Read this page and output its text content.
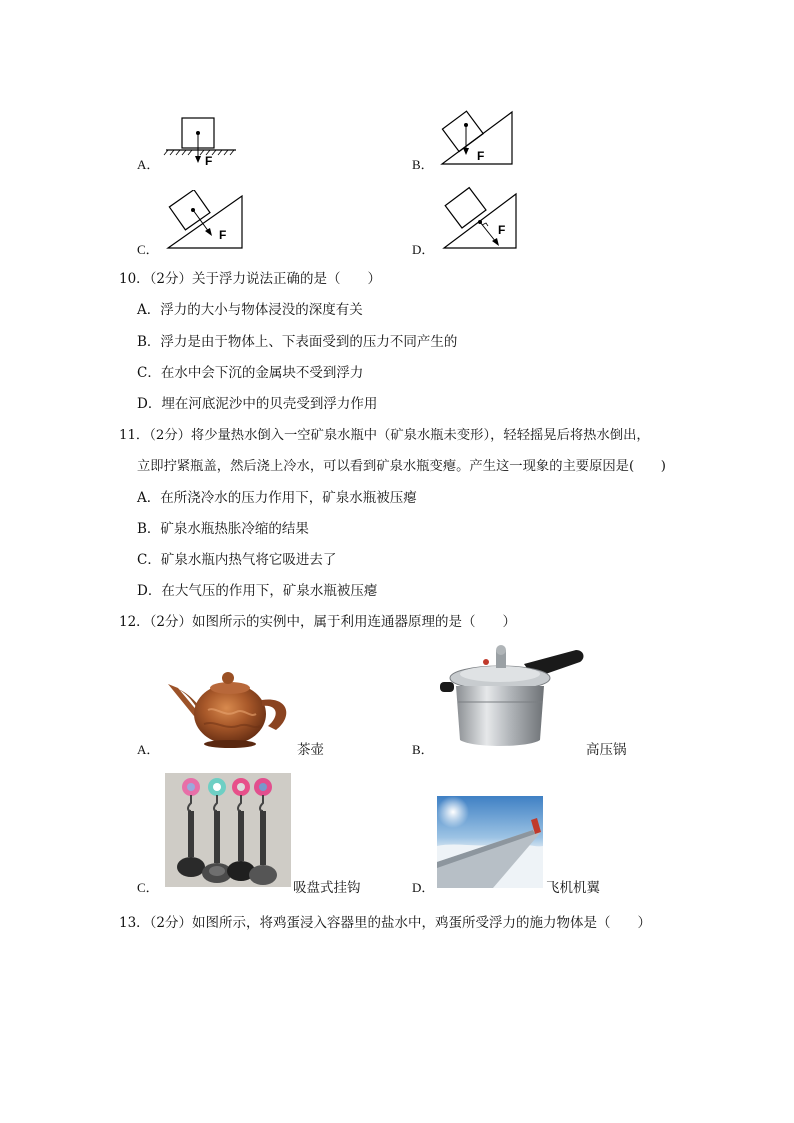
A．	F	B．
F
C．
F
D．
F
10．（2分）关于浮力说法正确的是（　　）
A．浮力的大小与物体浸没的深度有关
B．浮力是由于物体上、下表面受到的压力不同产生的
C．在水中会下沉的金属块不受到浮力
D．埋在河底泥沙中的贝壳受到浮力作用
11．（2分）将少量热水倒入一空矿泉水瓶中（矿泉水瓶未变形），轻轻摇晃后将热水倒出，
立即拧紧瓶盖，然后浇上冷水，可以看到矿泉水瓶变瘪。产生这一现象的主要原因是(　　)
A．在所浇冷水的压力作用下，矿泉水瓶被压瘪
B．矿泉水瓶热胀冷缩的结果
C．矿泉水瓶内热气将它吸进去了
D．在大气压的作用下，矿泉水瓶被压瘪
12．（2分）如图所示的实例中，属于利用连通器原理的是（　　）
A．	茶壶	B．	高压锅
C．	吸盘式挂钩	D．	飞机机翼
13．（2分）如图所示，将鸡蛋浸入容器里的盐水中，鸡蛋所受浮力的施力物体是（　　）
